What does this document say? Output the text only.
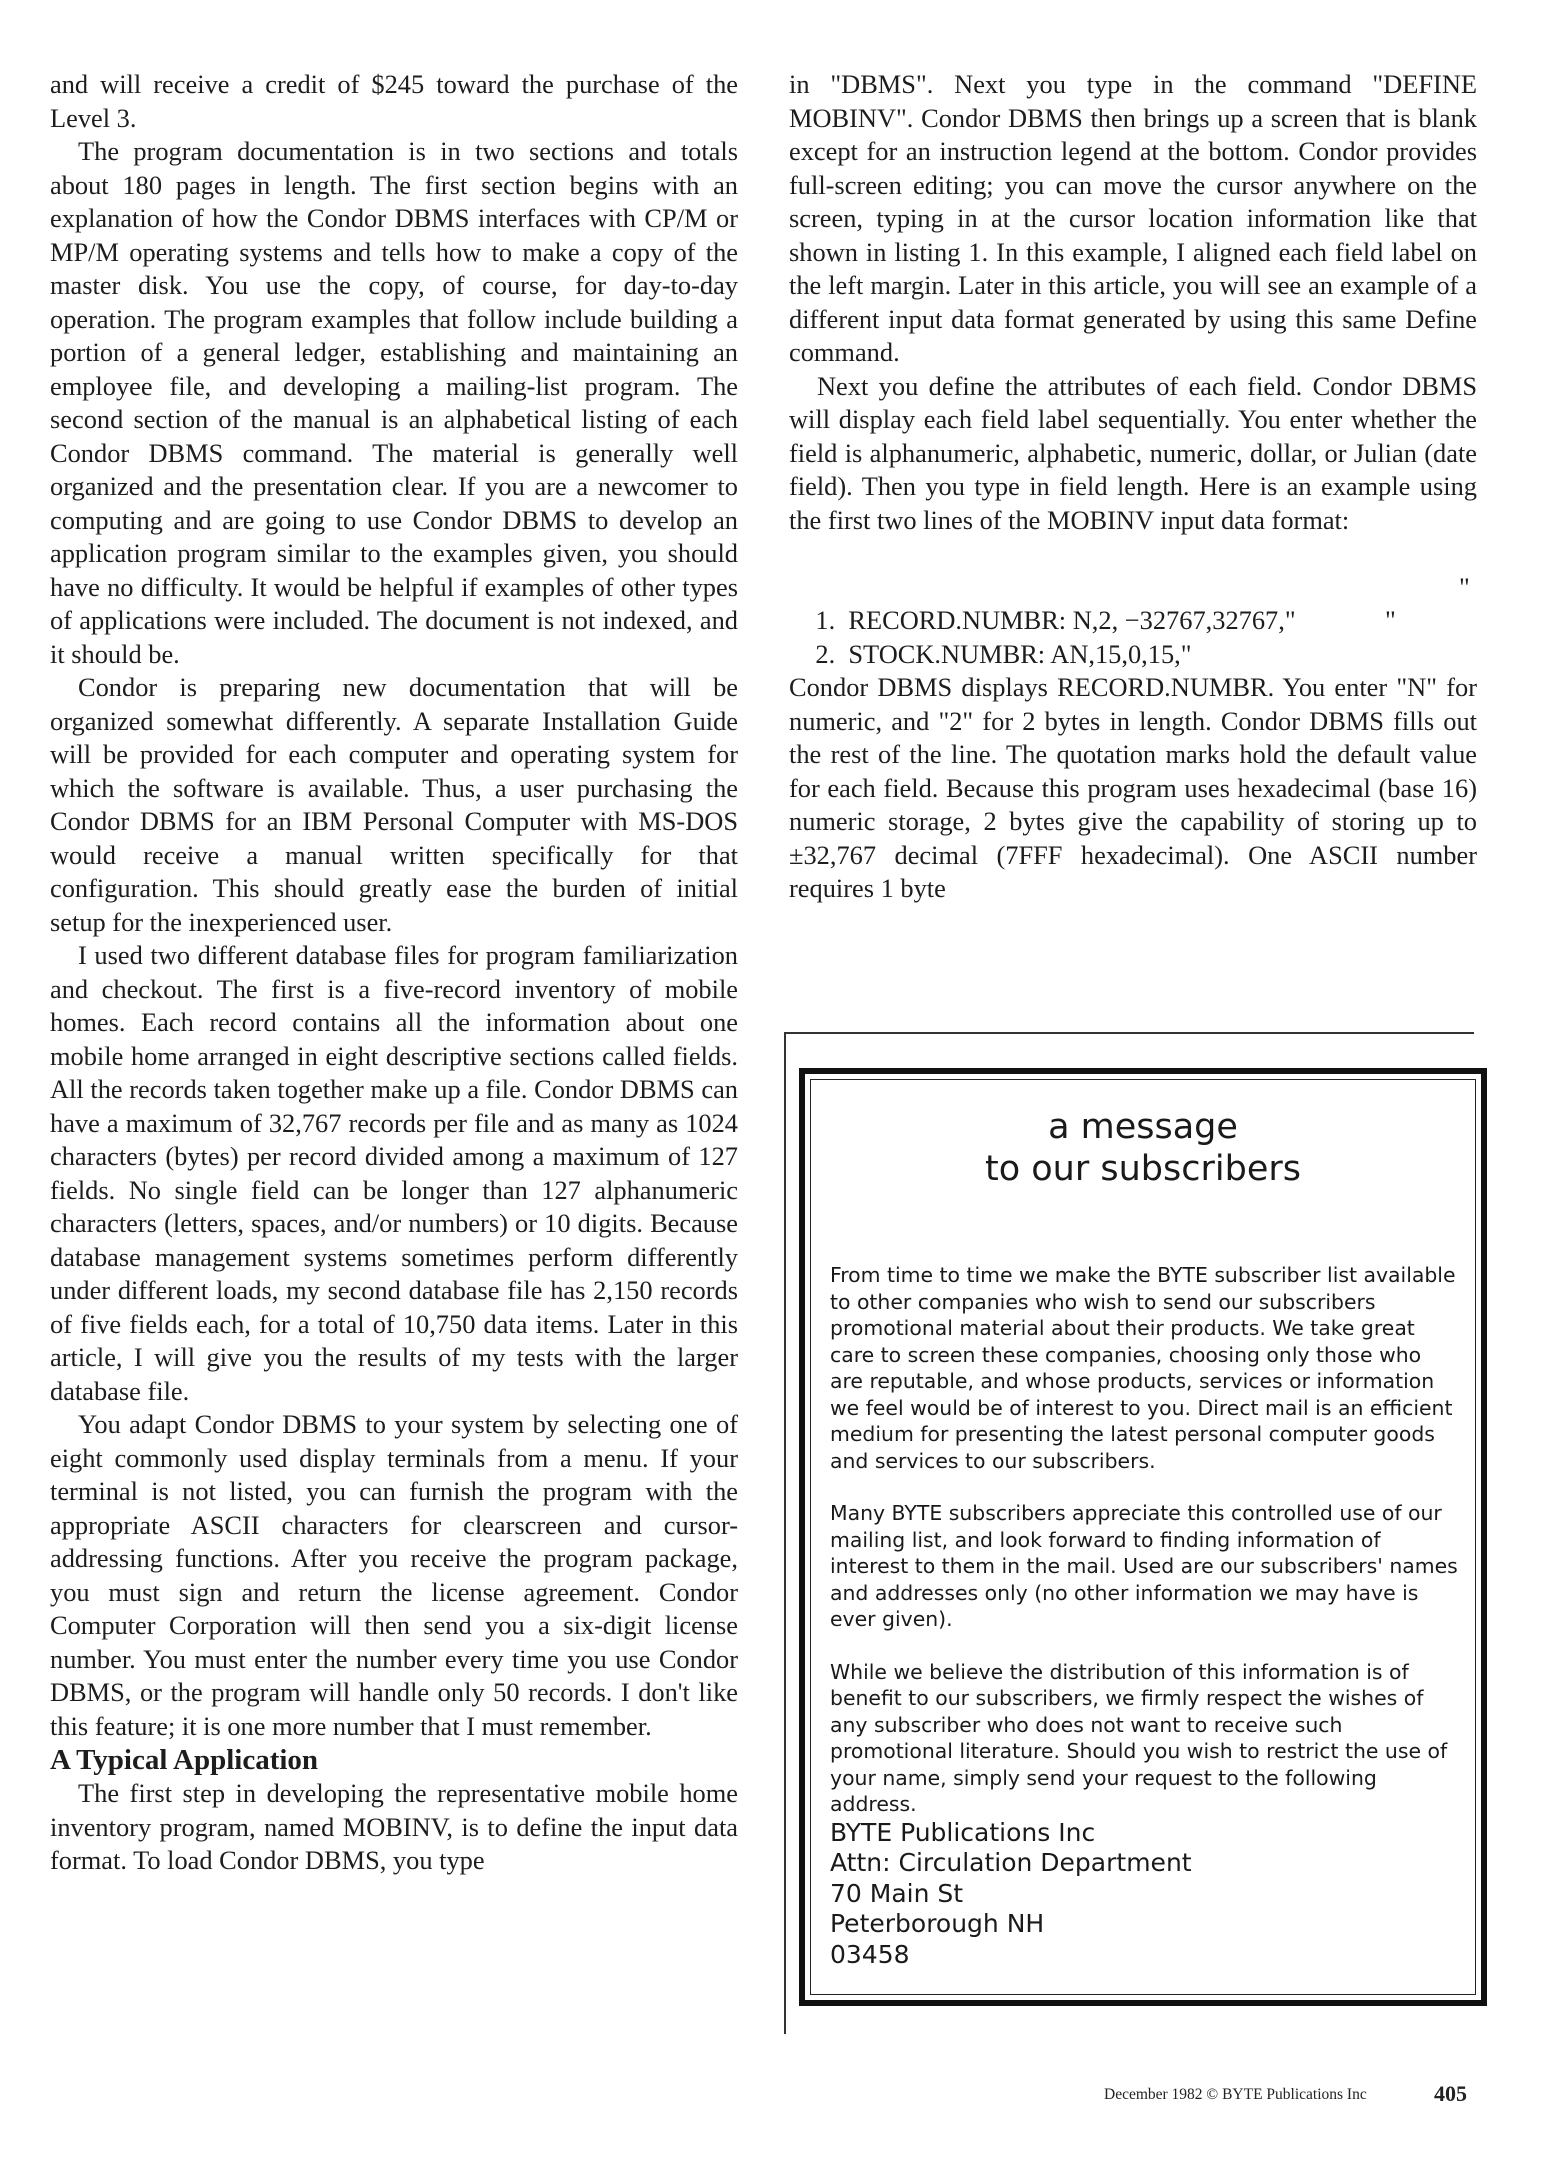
and will receive a credit of $245 toward the purchase of the Level 3.

The program documentation is in two sections and totals about 180 pages in length. The first section begins with an explanation of how the Condor DBMS interfaces with CP/M or MP/M operating systems and tells how to make a copy of the master disk. You use the copy, of course, for day-to-day operation. The program examples that follow include building a portion of a general ledger, establishing and maintaining an employee file, and developing a mailing-list program. The second section of the manual is an alphabetical listing of each Condor DBMS command. The material is generally well organized and the presentation clear. If you are a newcomer to computing and are going to use Condor DBMS to develop an application program similar to the examples given, you should have no difficulty. It would be helpful if examples of other types of applications were included. The document is not indexed, and it should be.

Condor is preparing new documentation that will be organized somewhat differently. A separate Installation Guide will be provided for each computer and operating system for which the software is available. Thus, a user purchasing the Condor DBMS for an IBM Personal Computer with MS-DOS would receive a manual written specifically for that configuration. This should greatly ease the burden of initial setup for the inexperienced user.

I used two different database files for program familiarization and checkout. The first is a five-record inventory of mobile homes. Each record contains all the information about one mobile home arranged in eight descriptive sections called fields. All the records taken together make up a file. Condor DBMS can have a maximum of 32,767 records per file and as many as 1024 characters (bytes) per record divided among a maximum of 127 fields. No single field can be longer than 127 alphanumeric characters (letters, spaces, and/or numbers) or 10 digits. Because database management systems sometimes perform differently under different loads, my second database file has 2,150 records of five fields each, for a total of 10,750 data items. Later in this article, I will give you the results of my tests with the larger database file.

You adapt Condor DBMS to your system by selecting one of eight commonly used display terminals from a menu. If your terminal is not listed, you can furnish the program with the appropriate ASCII characters for clearscreen and cursor-addressing functions. After you receive the program package, you must sign and return the license agreement. Condor Computer Corporation will then send you a six-digit license number. You must enter the number every time you use Condor DBMS, or the program will handle only 50 records. I don't like this feature; it is one more number that I must remember.

A Typical Application

The first step in developing the representative mobile home inventory program, named MOBINV, is to define the input data format. To load Condor DBMS, you type

in "DBMS". Next you type in the command "DEFINE MOBINV". Condor DBMS then brings up a screen that is blank except for an instruction legend at the bottom. Condor provides full-screen editing; you can move the cursor anywhere on the screen, typing in at the cursor location information like that shown in listing 1. In this example, I aligned each field label on the left margin. Later in this article, you will see an example of a different input data format generated by using this same Define command.

Next you define the attributes of each field. Condor DBMS will display each field label sequentially. You enter whether the field is alphanumeric, alphabetic, numeric, dollar, or Julian (date field). Then you type in field length. Here is an example using the first two lines of the MOBINV input data format:

1.  RECORD.NUMBR: N,2, −32767,32767,"
"

2.  STOCK.NUMBR: AN,15,0,15,"
"

Condor DBMS displays RECORD.NUMBR. You enter "N" for numeric, and "2" for 2 bytes in length. Condor DBMS fills out the rest of the line. The quotation marks hold the default value for each field. Because this program uses hexadecimal (base 16) numeric storage, 2 bytes give the capability of storing up to ±32,767 decimal (7FFF hexadecimal). One ASCII number requires 1 byte

a message
to our subscribers

From time to time we make the BYTE subscriber list available to other companies who wish to send our subscribers promotional material about their products. We take great care to screen these companies, choosing only those who are reputable, and whose products, services or information we feel would be of interest to you. Direct mail is an efficient medium for presenting the latest personal computer goods and services to our subscribers.

Many BYTE subscribers appreciate this controlled use of our mailing list, and look forward to finding information of interest to them in the mail. Used are our subscribers' names and addresses only (no other information we may have is ever given).

While we believe the distribution of this information is of benefit to our subscribers, we firmly respect the wishes of any subscriber who does not want to receive such promotional literature. Should you wish to restrict the use of your name, simply send your request to the following address.

BYTE Publications Inc
Attn: Circulation Department
70 Main St
Peterborough NH
03458
December 1982 © BYTE Publications Inc	405
